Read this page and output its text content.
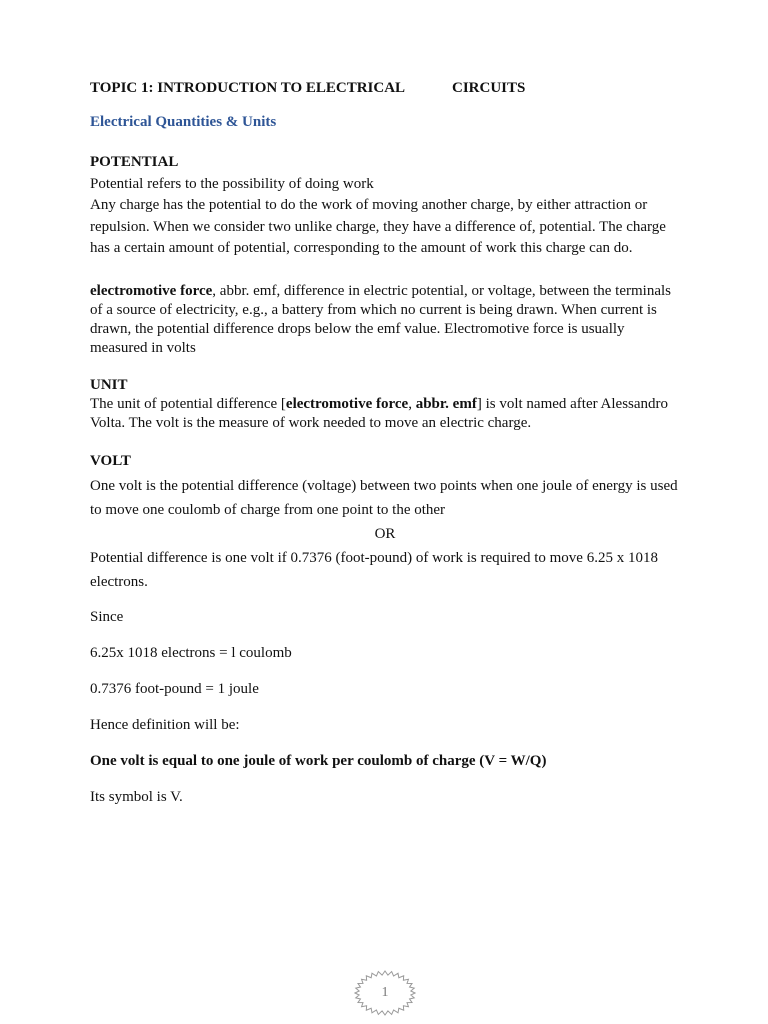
TOPIC 1: INTRODUCTION TO ELECTRICAL	CIRCUITS
Electrical Quantities & Units
POTENTIAL

Potential refers to the possibility of doing work

Any charge has the potential to do the work of moving another charge, by either attraction or repulsion. When we consider two unlike charge, they have a difference of, potential. The charge has a certain amount of potential, corresponding to the amount of work this charge can do.

electromotive force, abbr. emf, difference in electric potential, or voltage, between the terminals of a source of electricity, e.g., a battery from which no current is being drawn. When current is drawn, the potential difference drops below the emf value. Electromotive force is usually measured in volts

UNIT

The unit of potential difference [electromotive force, abbr. emf] is volt named after Alessandro Volta. The volt is the measure of work needed to move an electric charge.

VOLT

One volt is the potential difference (voltage) between two points when one joule of energy is used to move one coulomb of charge from one point to the other

OR

Potential difference is one volt if 0.7376 (foot-pound) of work is required to move 6.25 x 1018 electrons.

Since
6.25x 1018 electrons = l coulomb
0.7376 foot-pound = 1 joule
Hence definition will be:
One volt is equal to one joule of work per coulomb of charge (V = W/Q)
Its symbol is V.
1
